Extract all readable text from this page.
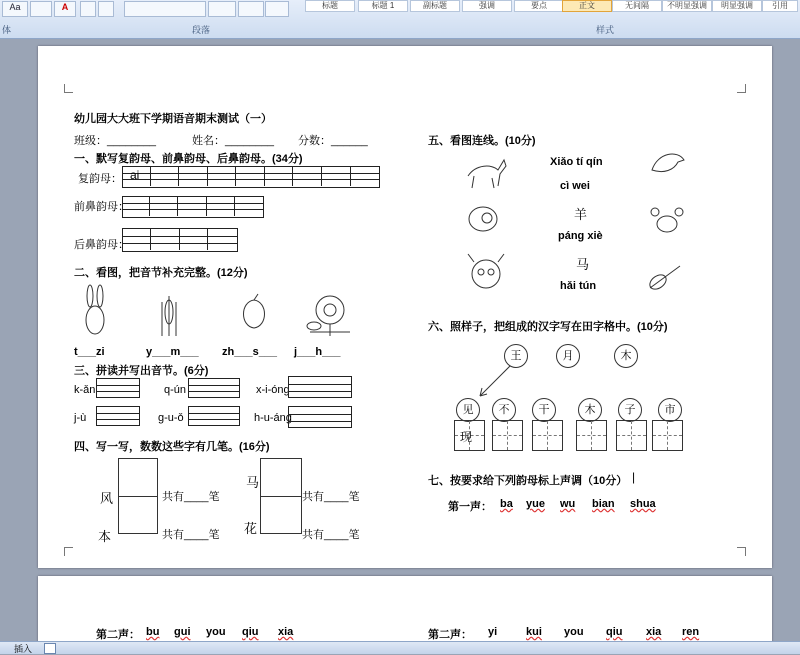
Aa	A
体	段落	样式
标题	标题 1	副标题	强调	要点	正文	无间隔	不明显强调	明显强调	引用
幼儿园大大班下学期语音期末测试（一）
班级：________	姓名：________ 分数：______
一、默写复韵母、前鼻韵母、后鼻韵母。(34分)
复韵母： ai
前鼻韵母：
后鼻韵母：
二、看图，把音节补充完整。(12分)
t___zi	y___m___ zh___s___ j___h___
三、拼读并写出音节。(6分)
k-ǎn	q-ún	x-i-óng
j-ù	g-u-ǒ	h-u-áng
四、写一写，数数这些字有几笔。(16分)
风
本
共有____笔
共有____笔
马
花
共有____笔
共有____笔
五、看图连线。(10分)
Xiǎo tí qín
cì wei
羊
páng xiè
马
hǎi tún
六、照样子，把组成的汉字写在田字格中。(10分)
王	月	木
见	不	干	木	子	市
现
七、按要求给下列韵母标上声调（10分） |
第一声： ba yue wu bian shua
第二声： bu gui you qiu xia	第二声： yi	kui you qiu xia ren
插入
